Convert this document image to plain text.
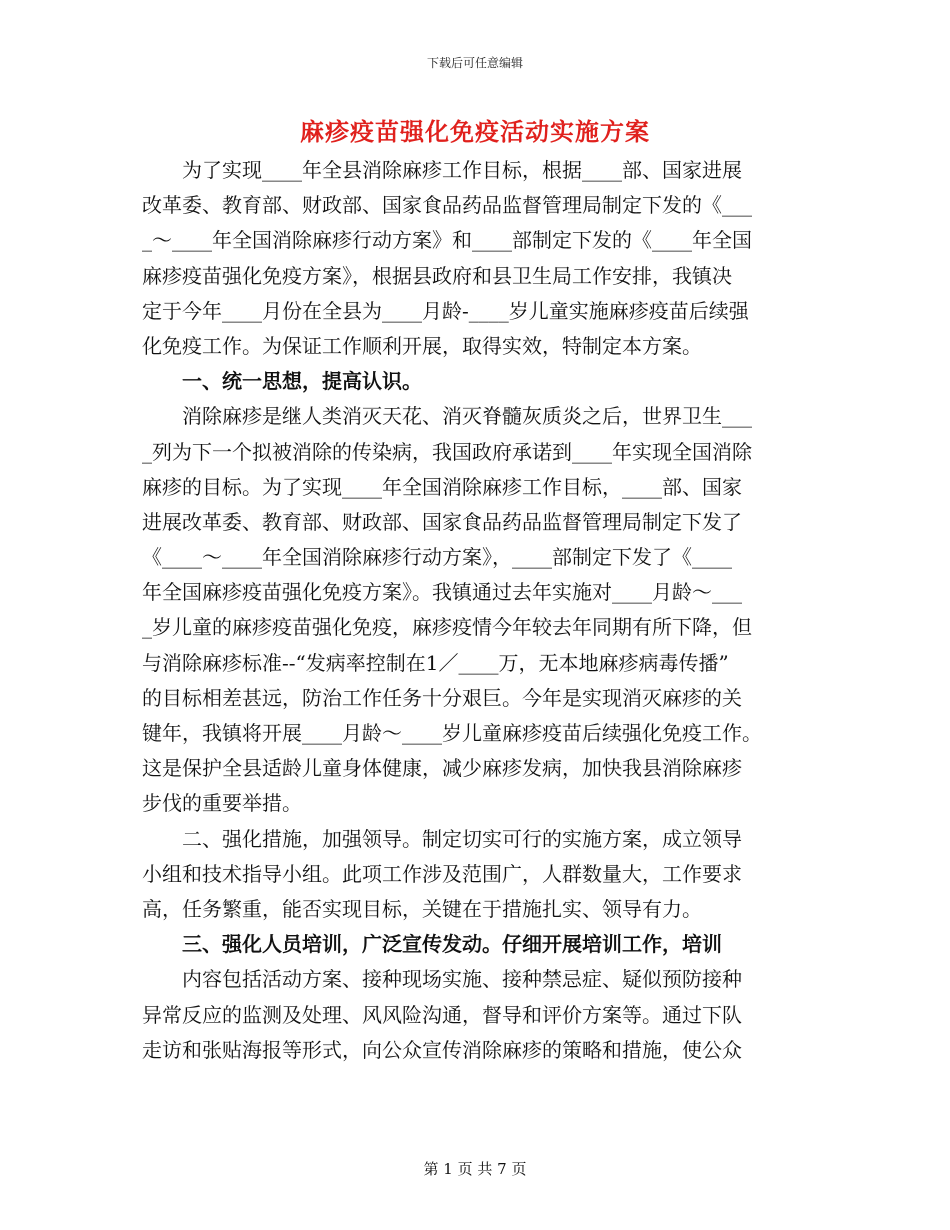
下载后可任意编辑
麻疹疫苗强化免疫活动实施方案
　　为了实现____年全县消除麻疹工作目标，根据____部、国家进展
改革委、教育部、财政部、国家食品药品监督管理局制定下发的《___
_～____年全国消除麻疹行动方案》和____部制定下发的《____年全国
麻疹疫苗强化免疫方案》，根据县政府和县卫生局工作安排，我镇决
定于今年____月份在全县为____月龄-____岁儿童实施麻疹疫苗后续强
化免疫工作。为保证工作顺利开展，取得实效，特制定本方案。
　　一、统一思想，提高认识。
　　消除麻疹是继人类消灭天花、消灭脊髓灰质炎之后，世界卫生___
_列为下一个拟被消除的传染病，我国政府承诺到____年实现全国消除
麻疹的目标。为了实现____年全国消除麻疹工作目标，____部、国家
进展改革委、教育部、财政部、国家食品药品监督管理局制定下发了
《____～____年全国消除麻疹行动方案》，____部制定下发了《____
年全国麻疹疫苗强化免疫方案》。我镇通过去年实施对____月龄～___
_岁儿童的麻疹疫苗强化免疫，麻疹疫情今年较去年同期有所下降，但
与消除麻疹标准--“发病率控制在1／____万，无本地麻疹病毒传播”
的目标相差甚远，防治工作任务十分艰巨。今年是实现消灭麻疹的关
键年，我镇将开展____月龄～____岁儿童麻疹疫苗后续强化免疫工作。
这是保护全县适龄儿童身体健康，减少麻疹发病，加快我县消除麻疹
步伐的重要举措。
　　二、强化措施，加强领导。制定切实可行的实施方案，成立领导
小组和技术指导小组。此项工作涉及范围广，人群数量大，工作要求
高，任务繁重，能否实现目标，关键在于措施扎实、领导有力。
　　三、强化人员培训，广泛宣传发动。仔细开展培训工作，培训
　　内容包括活动方案、接种现场实施、接种禁忌症、疑似预防接种
异常反应的监测及处理、风风险沟通，督导和评价方案等。通过下队
走访和张贴海报等形式，向公众宣传消除麻疹的策略和措施，使公众
第 1 页 共 7 页
